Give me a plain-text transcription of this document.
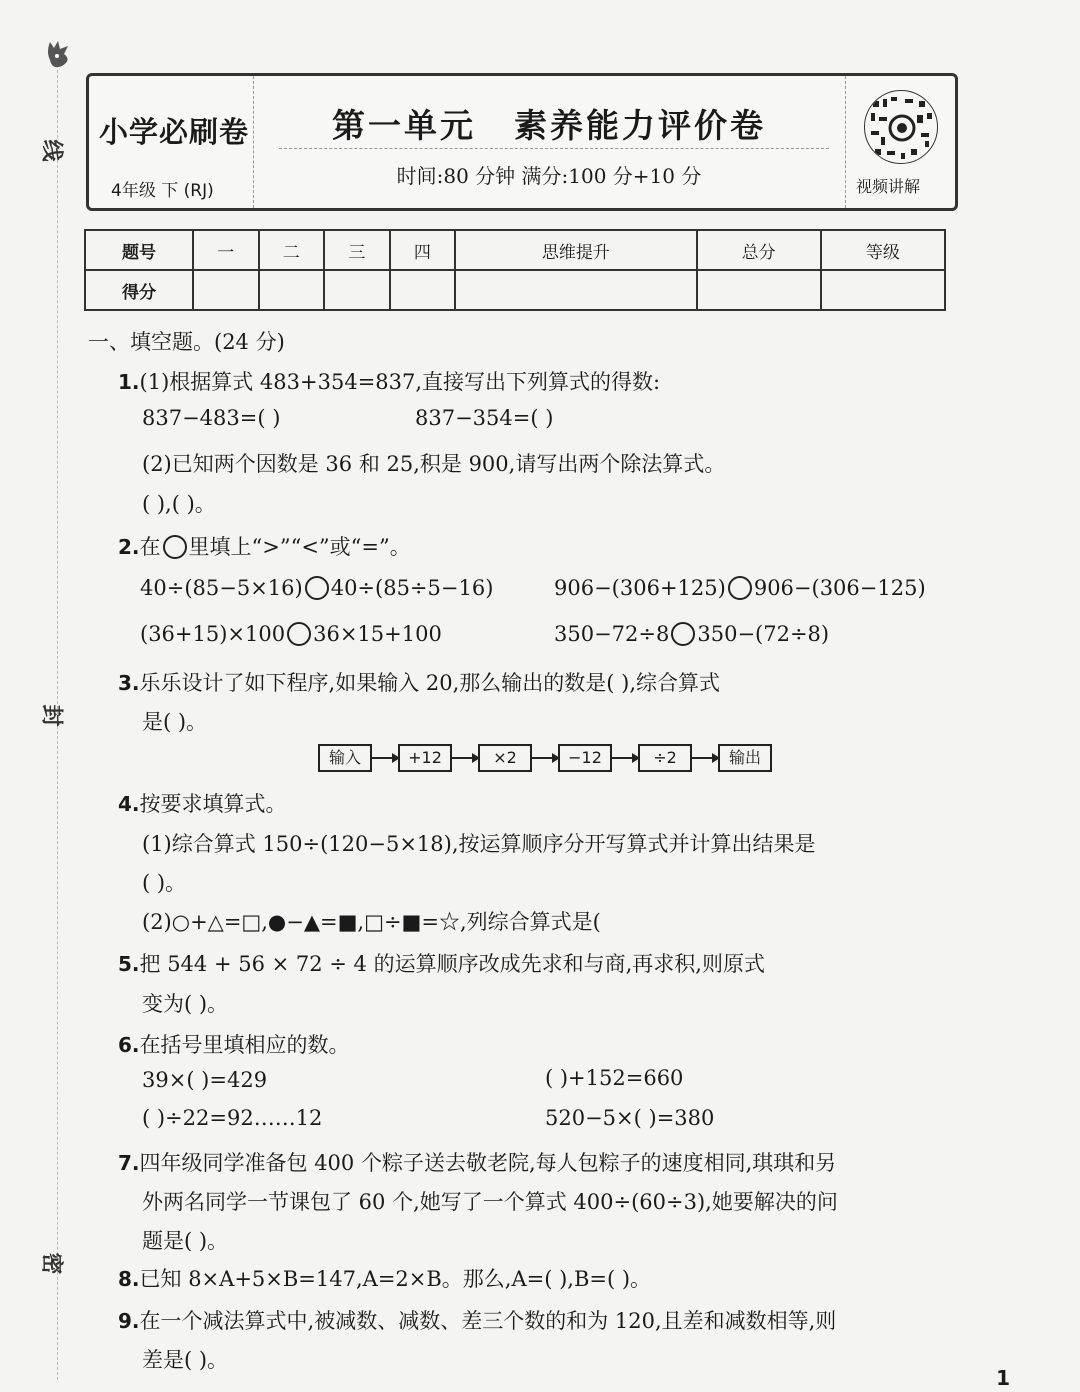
线
封
密
小学必刷卷
4年级 下 (RJ)
第一单元 素养能力评价卷
时间:80 分钟 满分:100 分+10 分	视频讲解
题号	一	二	三	四	思维提升	总分	等级
得分							
一、填空题。(24 分)
1.(1)根据算式 483+354=837,直接写出下列算式的得数:
837−483=( )	837−354=( )
(2)已知两个因数是 36 和 25,积是 900,请写出两个除法算式。
( ),( )。
2.在 里填上“>”“<”或“=”。
40÷(85−5×16) 40÷(85÷5−16)	906−(306+125) 906−(306−125)
(36+15)×100 36×15+100	350−72÷8 350−(72÷8)
3.乐乐设计了如下程序,如果输入 20,那么输出的数是( ),综合算式
是( )。
输入	+12	×2	−12	÷2	输出
4.按要求填算式。
(1)综合算式 150÷(120−5×18),按运算顺序分开写算式并计算出结果是
( )。
(2)○+△=□,●−▲=■,□÷■=☆,列综合算式是(
5.把 544 + 56 × 72 ÷ 4 的运算顺序改成先求和与商,再求积,则原式
变为( )。
6.在括号里填相应的数。
39×( )=429	( )+152=660
( )÷22=92……12	520−5×( )=380
7.四年级同学准备包 400 个粽子送去敬老院,每人包粽子的速度相同,琪琪和另
外两名同学一节课包了 60 个,她写了一个算式 400÷(60÷3),她要解决的问
题是( )。
8.已知 8×A+5×B=147,A=2×B。那么,A=( ),B=( )。
9.在一个减法算式中,被减数、减数、差三个数的和为 120,且差和减数相等,则
差是( )。
1
